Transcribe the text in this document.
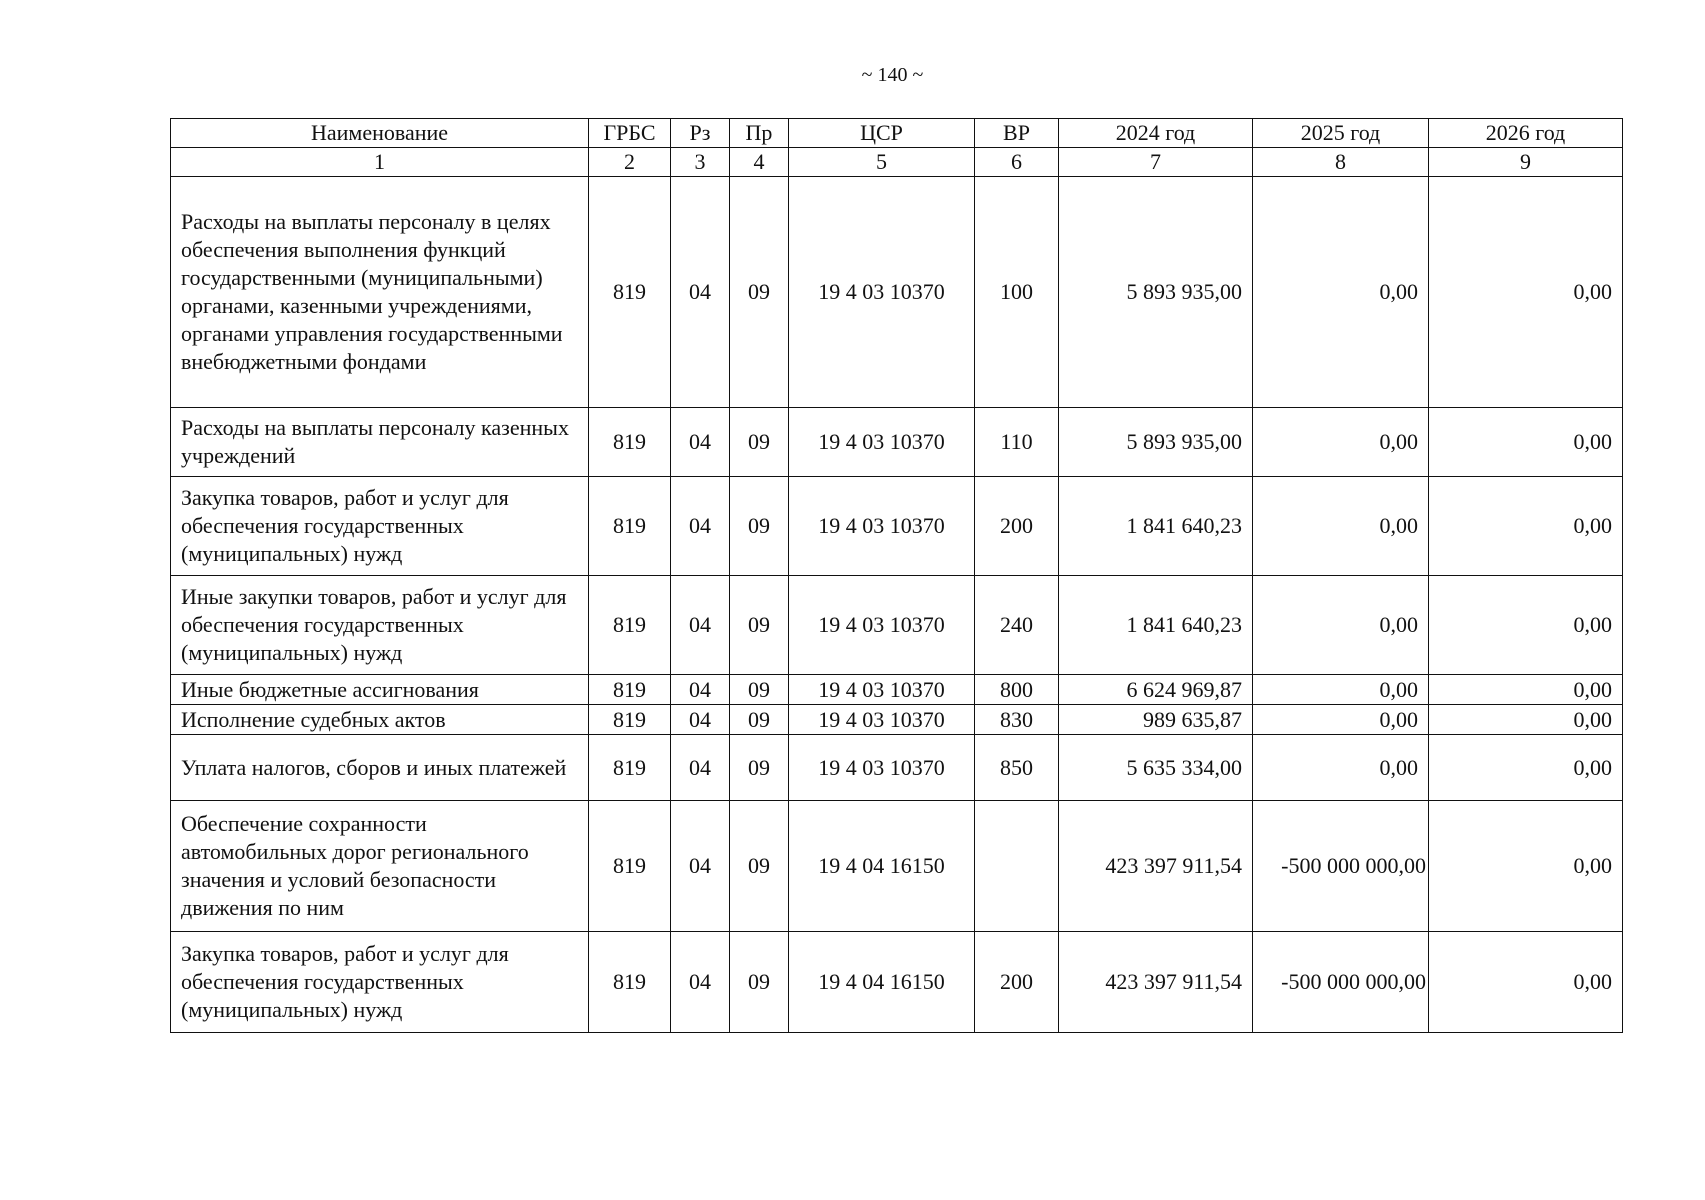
~ 140 ~
Наименование	ГРБС	Рз	Пр	ЦСР	ВР	2024 год	2025 год	2026 год
1	2	3	4	5	6	7	8	9
Расходы на выплаты персоналу в целях обеспечения выполнения функций государственными (муниципальными) органами, казенными учреждениями, органами управления государственными внебюджетными фондами	819	04	09	19 4 03 10370	100	5 893 935,00	0,00	0,00
Расходы на выплаты персоналу казенных учреждений	819	04	09	19 4 03 10370	110	5 893 935,00	0,00	0,00
Закупка товаров, работ и услуг для обеспечения государственных (муниципальных) нужд	819	04	09	19 4 03 10370	200	1 841 640,23	0,00	0,00
Иные закупки товаров, работ и услуг для обеспечения государственных (муниципальных) нужд	819	04	09	19 4 03 10370	240	1 841 640,23	0,00	0,00
Иные бюджетные ассигнования	819	04	09	19 4 03 10370	800	6 624 969,87	0,00	0,00
Исполнение судебных актов	819	04	09	19 4 03 10370	830	989 635,87	0,00	0,00
Уплата налогов, сборов и иных платежей	819	04	09	19 4 03 10370	850	5 635 334,00	0,00	0,00
Обеспечение сохранности автомобильных дорог регионального значения и условий безопасности движения по ним	819	04	09	19 4 04 16150		423 397 911,54	-500 000 000,00	0,00
Закупка товаров, работ и услуг для обеспечения государственных (муниципальных) нужд	819	04	09	19 4 04 16150	200	423 397 911,54	-500 000 000,00	0,00
